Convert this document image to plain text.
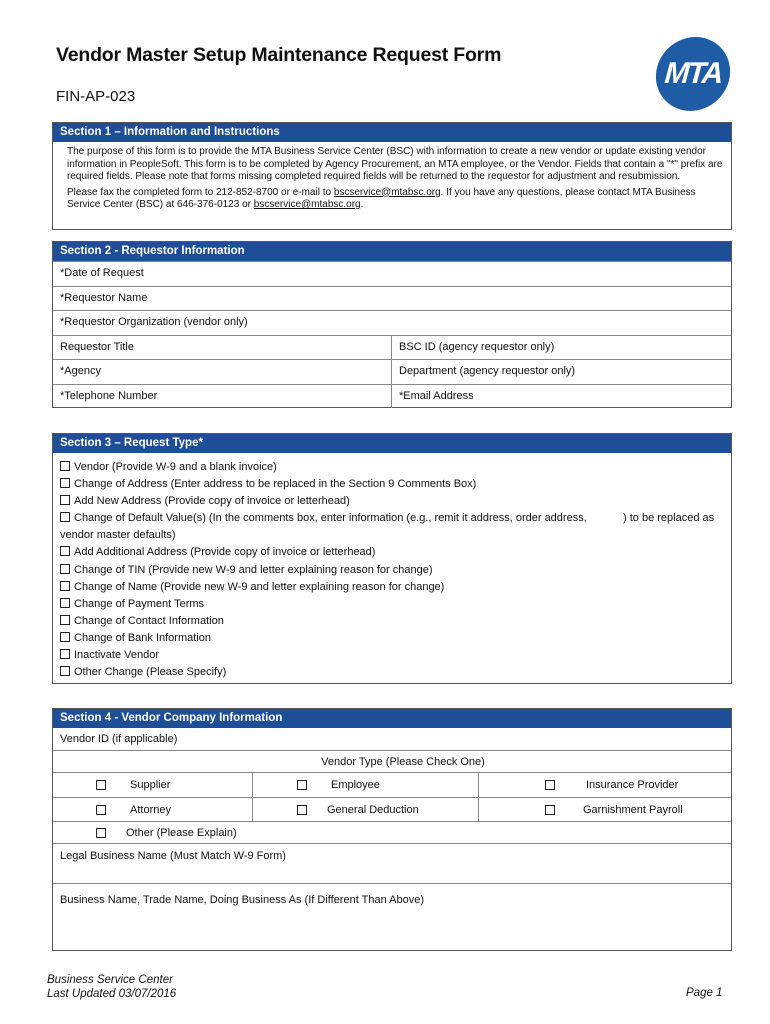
Vendor Master Setup Maintenance Request Form
FIN-AP-023
MTA
Section 1 – Information and Instructions

The purpose of this form is to provide the MTA Business Service Center (BSC) with information to create a new vendor or update existing vendor information in PeopleSoft. This form is to be completed by Agency Procurement, an MTA employee, or the Vendor. Fields that contain a "*" prefix are required fields. Please note that forms missing completed required fields will be returned to the requestor for adjustment and resubmission.

Please fax the completed form to 212-852-8700 or e-mail to bscservice@mtabsc.org. If you have any questions, please contact MTA Business Service Center (BSC) at 646-376-0123 or bscservice@mtabsc.org.

Section 2 - Requestor Information
*Date of Request
*Requestor Name
*Requestor Organization (vendor only)
Requestor Title	BSC ID (agency requestor only)
*Agency	Department (agency requestor only)
*Telephone Number	*Email Address
Section 3 – Request Type*
Vendor (Provide W-9 and a blank invoice)
Change of Address (Enter address to be replaced in the Section 9 Comments Box)
Add New Address (Provide copy of invoice or letterhead)
Change of Default Value(s) (In the comments box, enter information (e.g., remit it address, order address,	) to be replaced as
vendor master defaults)
Add Additional Address (Provide copy of invoice or letterhead)
Change of TIN (Provide new W-9 and letter explaining reason for change)
Change of Name (Provide new W-9 and letter explaining reason for change)
Change of Payment Terms
Change of Contact Information
Change of Bank Information
Inactivate Vendor
Other Change (Please Specify)
Section 4 - Vendor Company Information
Vendor ID (if applicable)
Vendor Type (Please Check One)
Supplier	Employee	Insurance Provider
Attorney	General Deduction	Garnishment Payroll
Other (Please Explain)
Legal Business Name (Must Match W-9 Form)
Business Name, Trade Name, Doing Business As (If Different Than Above)
Business Service Center
Last Updated 03/07/2016	Page 1
